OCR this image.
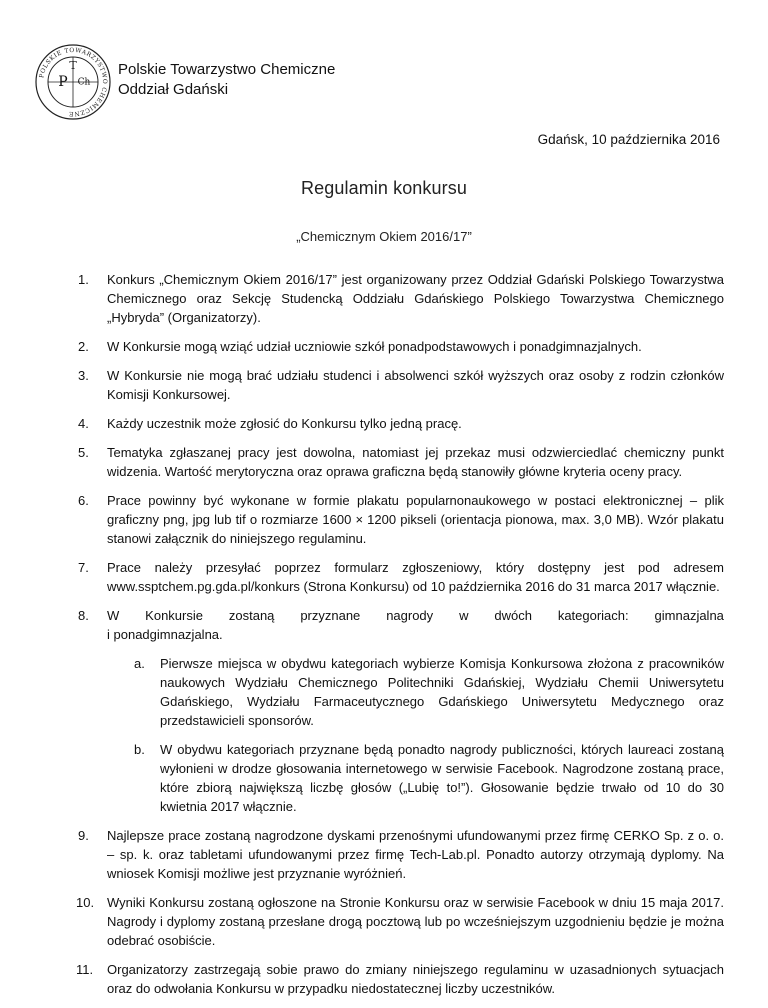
POLSKIE TOWARZYSTWO CHEMICZNE
P
T
Ch
Polskie Towarzystwo Chemiczne
Oddział Gdański
Gdańsk, 10 października 2016
Regulamin konkursu
„Chemicznym Okiem 2016/17”
1.	Konkurs „Chemicznym Okiem 2016/17” jest organizowany przez Oddział Gdański Polskiego Towarzystwa Chemicznego oraz Sekcję Studencką Oddziału Gdańskiego Polskiego Towarzystwa Chemicznego „Hybryda” (Organizatorzy).
2.	W Konkursie mogą wziąć udział uczniowie szkół ponadpodstawowych i ponadgimnazjalnych.
3.	W Konkursie nie mogą brać udziału studenci i absolwenci szkół wyższych oraz osoby z rodzin członków Komisji Konkursowej.
4.	Każdy uczestnik może zgłosić do Konkursu tylko jedną pracę.
5.	Tematyka zgłaszanej pracy jest dowolna, natomiast jej przekaz musi odzwierciedlać chemiczny punkt widzenia. Wartość merytoryczna oraz oprawa graficzna będą stanowiły główne kryteria oceny pracy.
6.	Prace powinny być wykonane w formie plakatu popularnonaukowego w postaci elektronicznej – plik graficzny png, jpg lub tif o rozmiarze 1600 × 1200 pikseli (orientacja pionowa, max. 3,0 MB). Wzór plakatu stanowi załącznik do niniejszego regulaminu.
7.	Prace należy przesyłać poprzez formularz zgłoszeniowy, który dostępny jest pod adresem www.ssptchem.pg.gda.pl/konkurs (Strona Konkursu) od 10 października 2016 do 31 marca 2017 włącznie.
8.	W Konkursie zostaną przyznane nagrody w dwóch kategoriach: gimnazjalna
i ponadgimnazjalna.
a. Pierwsze miejsca w obydwu kategoriach wybierze Komisja Konkursowa złożona z pracowników naukowych Wydziału Chemicznego Politechniki Gdańskiej, Wydziału Chemii Uniwersytetu Gdańskiego, Wydziału Farmaceutycznego Gdańskiego Uniwersytetu Medycznego oraz przedstawicieli sponsorów.
b. W obydwu kategoriach przyznane będą ponadto nagrody publiczności, których laureaci zostaną wyłonieni w drodze głosowania internetowego w serwisie Facebook. Nagrodzone zostaną prace, które zbiorą największą liczbę głosów („Lubię to!”). Głosowanie będzie trwało od 10 do 30 kwietnia 2017 włącznie.
9.	Najlepsze prace zostaną nagrodzone dyskami przenośnymi ufundowanymi przez firmę CERKO Sp. z o. o. – sp. k. oraz tabletami ufundowanymi przez firmę Tech-Lab.pl. Ponadto autorzy otrzymają dyplomy. Na wniosek Komisji możliwe jest przyznanie wyróżnień.
10. Wyniki Konkursu zostaną ogłoszone na Stronie Konkursu oraz w serwisie Facebook w dniu 15 maja 2017. Nagrody i dyplomy zostaną przesłane drogą pocztową lub po wcześniejszym uzgodnieniu będzie je można odebrać osobiście.
11.	Organizatorzy zastrzegają sobie prawo do zmiany niniejszego regulaminu w uzasadnionych sytuacjach oraz do odwołania Konkursu w przypadku niedostatecznej liczby uczestników.
